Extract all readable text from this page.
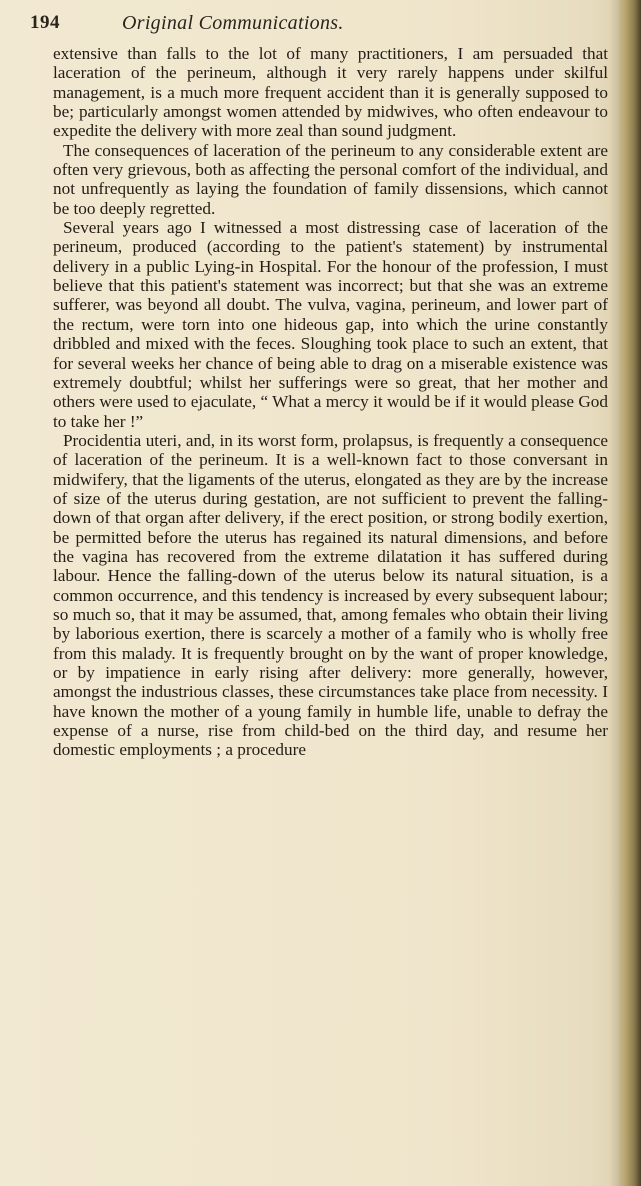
194	Original Communications.

extensive than falls to the lot of many practitioners, I am persuaded that laceration of the perineum, although it very rarely happens under skilful management, is a much more frequent accident than it is generally supposed to be; particularly amongst women attended by midwives, who often endeavour to expedite the delivery with more zeal than sound judgment.

The consequences of laceration of the perineum to any considerable extent are often very grievous, both as affecting the personal comfort of the individual, and not unfrequently as laying the foundation of family dissensions, which cannot be too deeply regretted.

Several years ago I witnessed a most distressing case of laceration of the perineum, produced (according to the patient's statement) by instrumental delivery in a public Lying-in Hospital. For the honour of the profession, I must believe that this patient's statement was incorrect; but that she was an extreme sufferer, was beyond all doubt. The vulva, vagina, perineum, and lower part of the rectum, were torn into one hideous gap, into which the urine constantly dribbled and mixed with the feces. Sloughing took place to such an extent, that for several weeks her chance of being able to drag on a miserable existence was extremely doubtful; whilst her sufferings were so great, that her mother and others were used to ejaculate, “ What a mercy it would be if it would please God to take her !”

Procidentia uteri, and, in its worst form, prolapsus, is frequently a consequence of laceration of the perineum. It is a well-known fact to those conversant in midwifery, that the ligaments of the uterus, elongated as they are by the increase of size of the uterus during gestation, are not sufficient to prevent the falling-down of that organ after delivery, if the erect position, or strong bodily exertion, be permitted before the uterus has regained its natural dimensions, and before the vagina has recovered from the extreme dilatation it has suffered during labour. Hence the falling-down of the uterus below its natural situation, is a common occurrence, and this tendency is increased by every subsequent labour; so much so, that it may be assumed, that, among females who obtain their living by laborious exertion, there is scarcely a mother of a family who is wholly free from this malady. It is frequently brought on by the want of proper knowledge, or by impatience in early rising after delivery: more generally, however, amongst the industrious classes, these circumstances take place from necessity. I have known the mother of a young family in humble life, unable to defray the expense of a nurse, rise from child-bed on the third day, and resume her domestic employments ; a procedure
